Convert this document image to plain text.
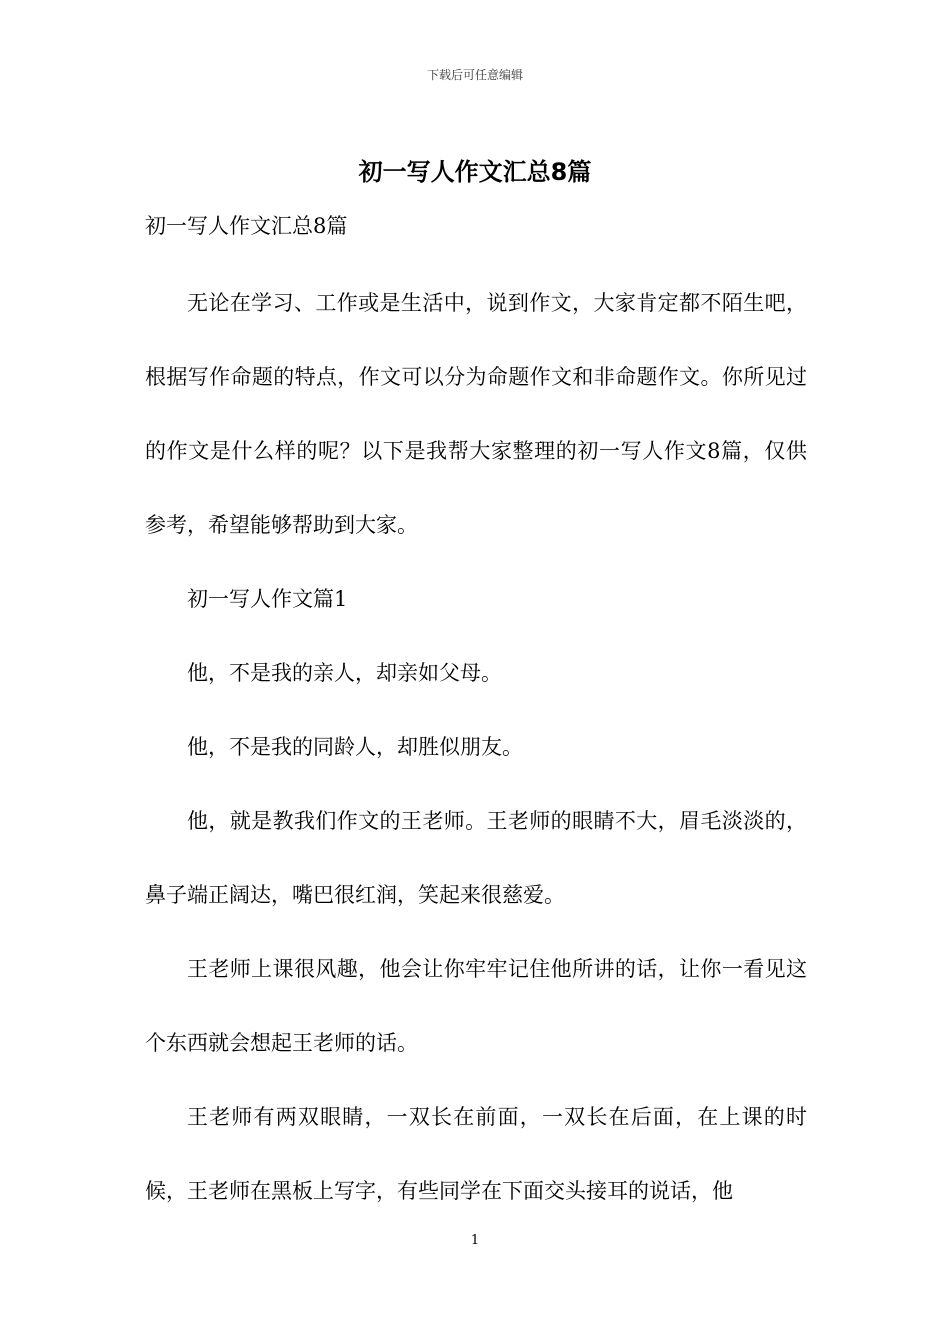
下载后可任意编辑
初一写人作文汇总8篇
初一写人作文汇总8篇

无论在学习、工作或是生活中，说到作文，大家肯定都不陌生吧，根据写作命题的特点，作文可以分为命题作文和非命题作文。你所见过的作文是什么样的呢？以下是我帮大家整理的初一写人作文8篇，仅供参考，希望能够帮助到大家。

初一写人作文篇1

他，不是我的亲人，却亲如父母。

他，不是我的同龄人，却胜似朋友。

他，就是教我们作文的王老师。王老师的眼睛不大，眉毛淡淡的，鼻子端正阔达，嘴巴很红润，笑起来很慈爱。

王老师上课很风趣，他会让你牢牢记住他所讲的话，让你一看见这个东西就会想起王老师的话。

王老师有两双眼睛，一双长在前面，一双长在后面，在上课的时候，王老师在黑板上写字，有些同学在下面交头接耳的说话，他

1
